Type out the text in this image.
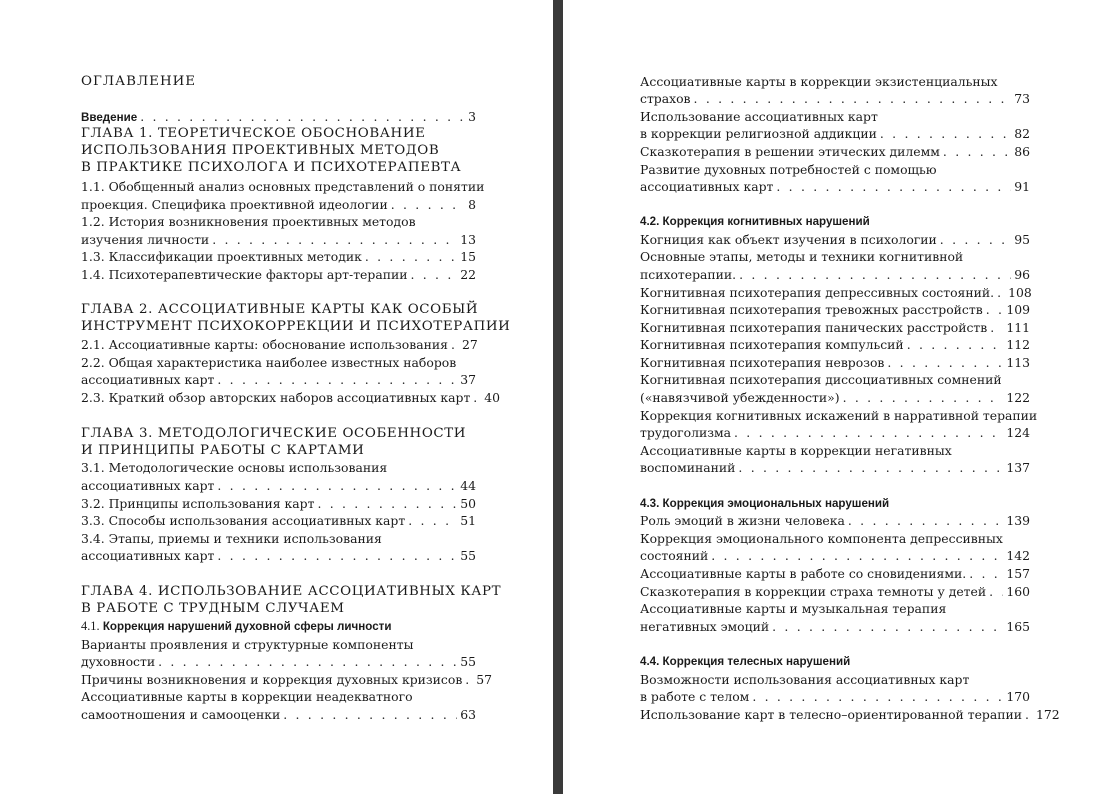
ОГЛАВЛЕНИЕ
Введение . . .	3
ГЛАВА 1. ТЕОРЕТИЧЕСКОЕ ОБОСНОВАНИЕ
ИСПОЛЬЗОВАНИЯ ПРОЕКТИВНЫХ МЕТОДОВ
В ПРАКТИКЕ ПСИХОЛОГА И ПСИХОТЕРАПЕВТА
1.1. Обобщенный анализ основных представлений о понятии
проекция. Специфика проективной идеологии . . .	8
1.2. История возникновения проективных методов
изучения личности . . .	13
1.3. Классификации проективных методик . . .	15
1.4. Психотерапевтические факторы арт-терапии . . .	22
ГЛАВА 2. АССОЦИАТИВНЫЕ КАРТЫ КАК ОСОБЫЙ
ИНСТРУМЕНТ ПСИХОКОРРЕКЦИИ И ПСИХОТЕРАПИИ
2.1. Ассоциативные карты: обоснование использования . . . 27
2.2. Общая характеристика наиболее известных наборов
ассоциативных карт . . .	37
2.3. Краткий обзор авторских наборов ассоциативных карт . . . 40
ГЛАВА 3. МЕТОДОЛОГИЧЕСКИЕ ОСОБЕННОСТИ
И ПРИНЦИПЫ РАБОТЫ С КАРТАМИ
3.1. Методологические основы использования
ассоциативных карт . . .	44
3.2. Принципы использования карт . . .	50
3.3. Способы использования ассоциативных карт . . .	51
3.4. Этапы, приемы и техники использования
ассоциативных карт . . .	55
ГЛАВА 4. ИСПОЛЬЗОВАНИЕ АССОЦИАТИВНЫХ КАРТ
В РАБОТЕ С ТРУДНЫМ СЛУЧАЕМ
4.1. Коррекция нарушений духовной сферы личности
Варианты проявления и структурные компоненты
духовности . . .	55
Причины возникновения и коррекция духовных кризисов . . . 57
Ассоциативные карты в коррекции неадекватного
самоотношения и самооценки . . .	63
Ассоциативные карты в коррекции экзистенциальных
страхов . . .	73
Использование ассоциативных карт
в коррекции религиозной аддикции . . .	82
Сказкотерапия в решении этических дилемм . . .	86
Развитие духовных потребностей с помощью
ассоциативных карт . . .	91
4.2. Коррекция когнитивных нарушений
Когниция как объект изучения в психологии . . .	95
Основные этапы, методы и техники когнитивной
психотерапии. . . .	96
Когнитивная психотерапия депрессивных состояний. . . . 108
Когнитивная психотерапия тревожных расстройств . . . 109
Когнитивная психотерапия панических расстройств . . . 111
Когнитивная психотерапия компульсий . . .	112
Когнитивная психотерапия неврозов . . .	113
Когнитивная психотерапия диссоциативных сомнений
(«навязчивой убежденности») . . .	122
Коррекция когнитивных искажений в нарративной терапии
трудоголизма . . .	124
Ассоциативные карты в коррекции негативных
воспоминаний . . .	137
4.3. Коррекция эмоциональных нарушений
Роль эмоций в жизни человека . . .	139
Коррекция эмоционального компонента депрессивных
состояний . . .	142
Ассоциативные карты в работе со сновидениями. . . .	157
Сказкотерапия в коррекции страха темноты у детей . . . 160
Ассоциативные карты и музыкальная терапия
негативных эмоций . . .	165
4.4. Коррекция телесных нарушений
Возможности использования ассоциативных карт
в работе с телом . . .	170
Использование карт в телесно–ориентированной терапии . . . 172
